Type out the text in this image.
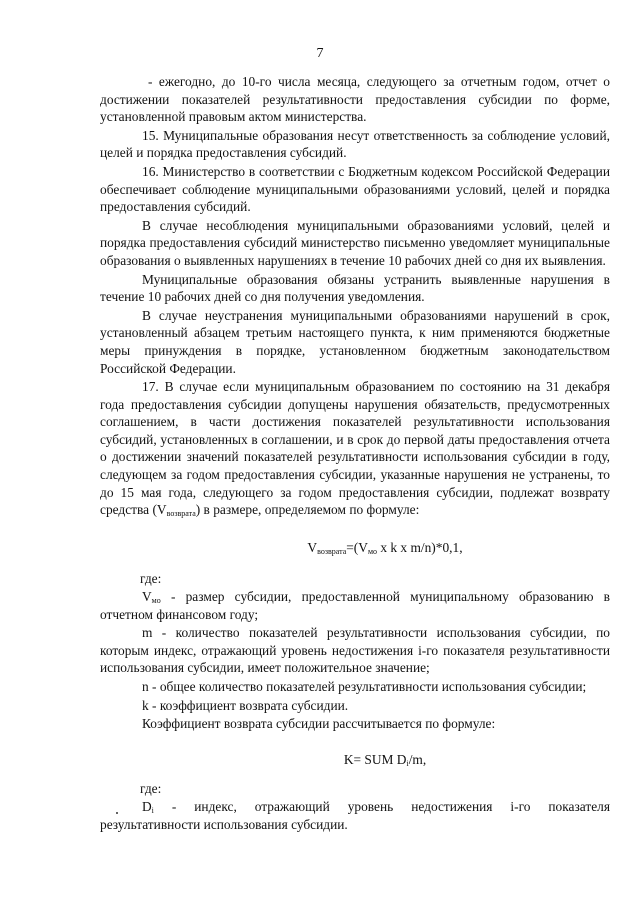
7

- ежегодно, до 10-го числа месяца, следующего за отчетным годом, отчет о достижении показателей результативности предоставления субсидии по форме, установленной правовым актом министерства.

15. Муниципальные образования несут ответственность за соблюдение условий, целей и порядка предоставления субсидий.

16. Министерство в соответствии с Бюджетным кодексом Российской Федерации обеспечивает соблюдение муниципальными образованиями условий, целей и порядка предоставления субсидий.

В случае несоблюдения муниципальными образованиями условий, целей и порядка предоставления субсидий министерство письменно уведомляет муниципальные образования о выявленных нарушениях в течение 10 рабочих дней со дня их выявления.

Муниципальные образования обязаны устранить выявленные нарушения в течение 10 рабочих дней со дня получения уведомления.

В случае неустранения муниципальными образованиями нарушений в срок, установленный абзацем третьим настоящего пункта, к ним применяются бюджетные меры принуждения в порядке, установленном бюджетным законодательством Российской Федерации.

17. В случае если муниципальным образованием по состоянию на 31 декабря года предоставления субсидии допущены нарушения обязательств, предусмотренных соглашением, в части достижения показателей результативности использования субсидий, установленных в соглашении, и в срок до первой даты предоставления отчета о достижении значений показателей результативности использования субсидии в году, следующем за годом предоставления субсидии, указанные нарушения не устранены, то до 15 мая года, следующего за годом предоставления субсидии, подлежат возврату средства $(V_{возврата})$ в размере, определяемом по формуле:

$V_{возврата}=(V_{мо}$ x k x m/n)*0,1,

где:

$V_{мо}$ - размер субсидии, предоставленной муниципальному образованию в отчетном финансовом году;

m - количество показателей результативности использования субсидии, по которым индекс, отражающий уровень недостижения i-го показателя результативности использования субсидии, имеет положительное значение;

n - общее количество показателей результативности использования субсидии;

k - коэффициент возврата субсидии.

Коэффициент возврата субсидии рассчитывается по формуле:

K= SUM $D_i/m$,

где:

$D_i$ - индекс, отражающий уровень недостижения i-го показателя результативности использования субсидии.
